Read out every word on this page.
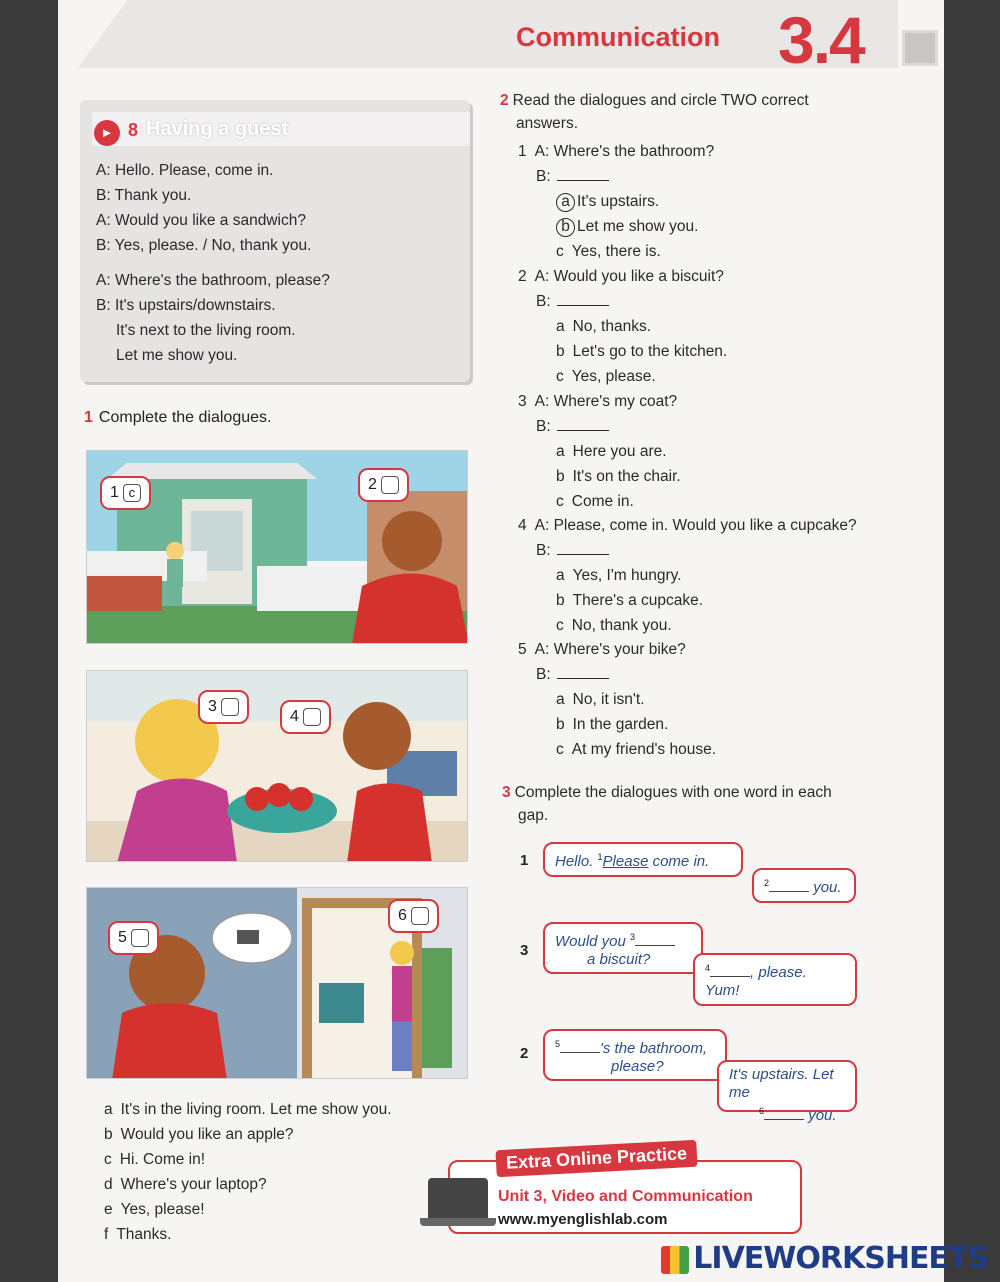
Communication 3.4
► 8 Having a guest
A: Hello. Please, come in.
B: Thank you.
A: Would you like a sandwich?
B: Yes, please. / No, thank you.
A: Where's the bathroom, please?
B: It's upstairs/downstairs.
It's next to the living room.
Let me show you.
1 Complete the dialogues.
1 c	2
3
4
5
6
a It's in the living room. Let me show you.
b Would you like an apple?
c Hi. Come in!
d Where's your laptop?
e Yes, please!
f Thanks.
2 Read the dialogues and circle TWO correct
answers.
1 A: Where's the bathroom?
B:
a It's upstairs.
b Let me show you.
c Yes, there is.
2 A: Would you like a biscuit?
B:
a No, thanks.
b Let's go to the kitchen.
c Yes, please.
3 A: Where's my coat?
B:
a Here you are.
b It's on the chair.
c Come in.
4 A: Please, come in. Would you like a cupcake?
B:
a Yes, I'm hungry.
b There's a cupcake.
c No, thank you.
5 A: Where's your bike?
B:
a No, it isn't.
b In the garden.
c At my friend's house.
3 Complete the dialogues with one word in each
gap.
1	Hello. $^1$Please come in.
$^2$	you.
3
Would you $^3$
a biscuit?	$^4$	, please. Yum!
2
$^5$	's the bathroom,
please?	It's upstairs. Let me
$^6$	you.
Extra Online Practice
Unit 3, Video and Communication
www.myenglishlab.com
LIVEWORKSHEETS
